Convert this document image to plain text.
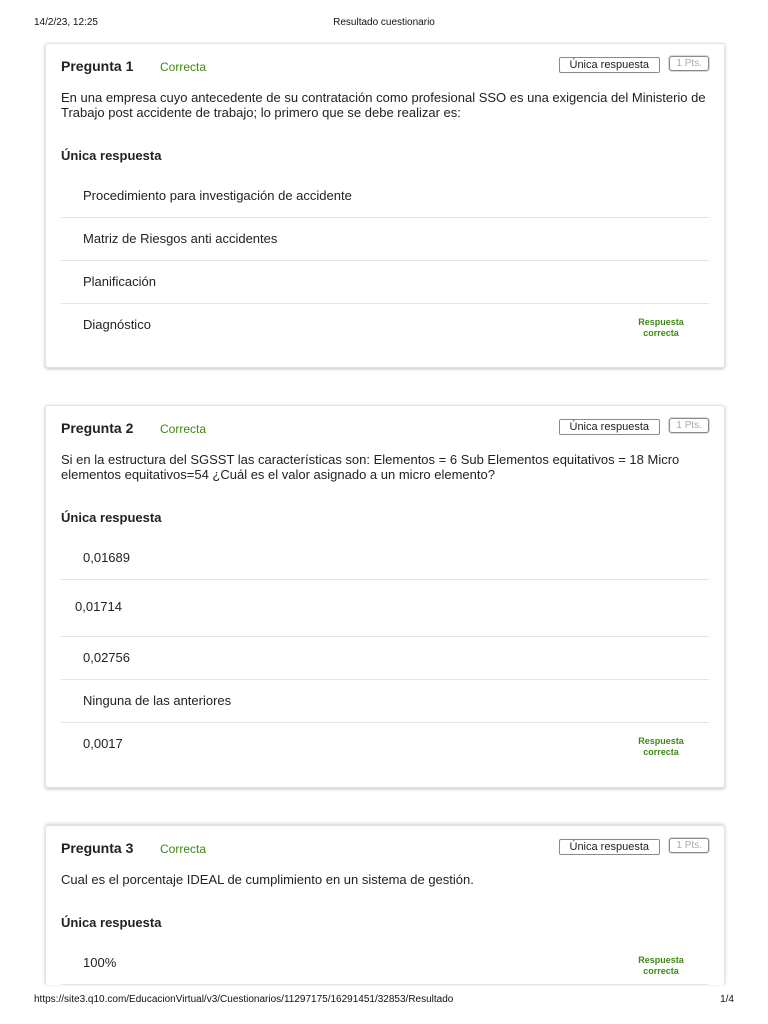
14/2/23, 12:25	Resultado cuestionario
Pregunta 1 Correcta	Única respuesta	1 Pts.
En una empresa cuyo antecedente de su contratación como profesional SSO es una exigencia del Ministerio de Trabajo post accidente de trabajo; lo primero que se debe realizar es:
Única respuesta
Procedimiento para investigación de accidente
Matriz de Riesgos anti accidentes
Planificación
Diagnóstico	Respuesta correcta
Pregunta 2 Correcta	Única respuesta	1 Pts.
Si en la estructura del SGSST las características son: Elementos = 6 Sub Elementos equitativos = 18 Micro elementos equitativos=54 ¿Cuál es el valor asignado a un micro elemento?
Única respuesta
0,01689
0,01714
0,02756
Ninguna de las anteriores
0,0017	Respuesta correcta
Pregunta 3 Correcta	Única respuesta	1 Pts.
Cual es el porcentaje IDEAL de cumplimiento en un sistema de gestión.
Única respuesta
100%	Respuesta correcta
https://site3.q10.com/EducacionVirtual/v3/Cuestionarios/11297175/16291451/32853/Resultado	1/4
